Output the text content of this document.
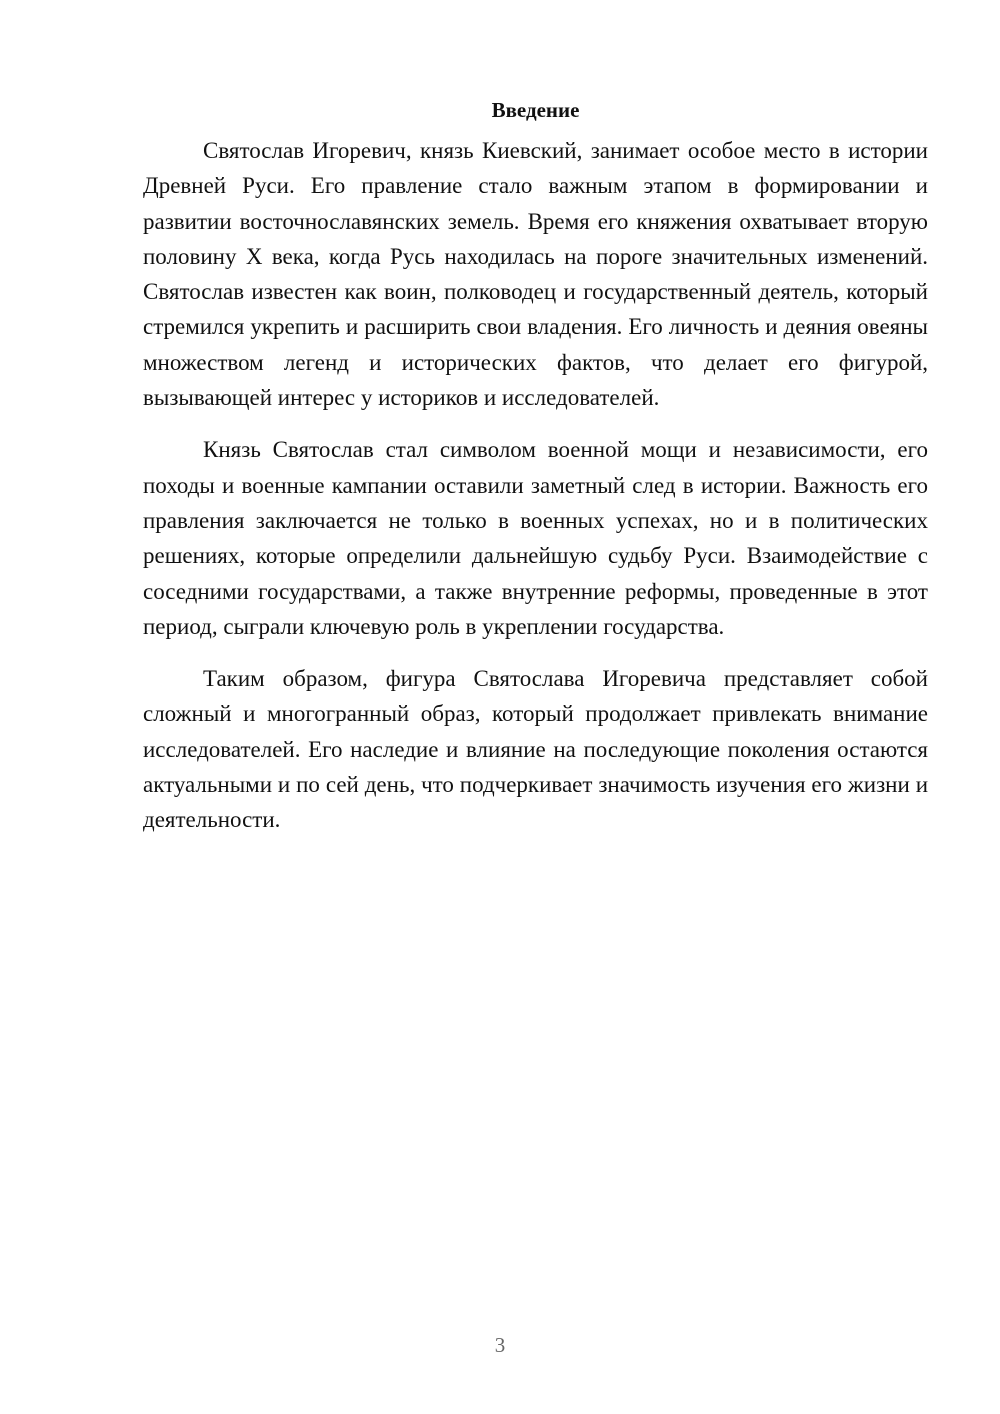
Введение

Святослав Игоревич, князь Киевский, занимает особое место в истории Древней Руси. Его правление стало важным этапом в формировании и развитии восточнославянских земель. Время его княжения охватывает вторую половину X века, когда Русь находилась на пороге значительных изменений. Святослав известен как воин, полководец и государственный деятель, который стремился укрепить и расширить свои владения. Его личность и деяния овеяны множеством легенд и исторических фактов, что делает его фигурой, вызывающей интерес у историков и исследователей.

Князь Святослав стал символом военной мощи и независимости, его походы и военные кампании оставили заметный след в истории. Важность его правления заключается не только в военных успехах, но и в политических решениях, которые определили дальнейшую судьбу Руси. Взаимодействие с соседними государствами, а также внутренние реформы, проведенные в этот период, сыграли ключевую роль в укреплении государства.

Таким образом, фигура Святослава Игоревича представляет собой сложный и многогранный образ, который продолжает привлекать внимание исследователей. Его наследие и влияние на последующие поколения остаются актуальными и по сей день, что подчеркивает значимость изучения его жизни и деятельности.

3
